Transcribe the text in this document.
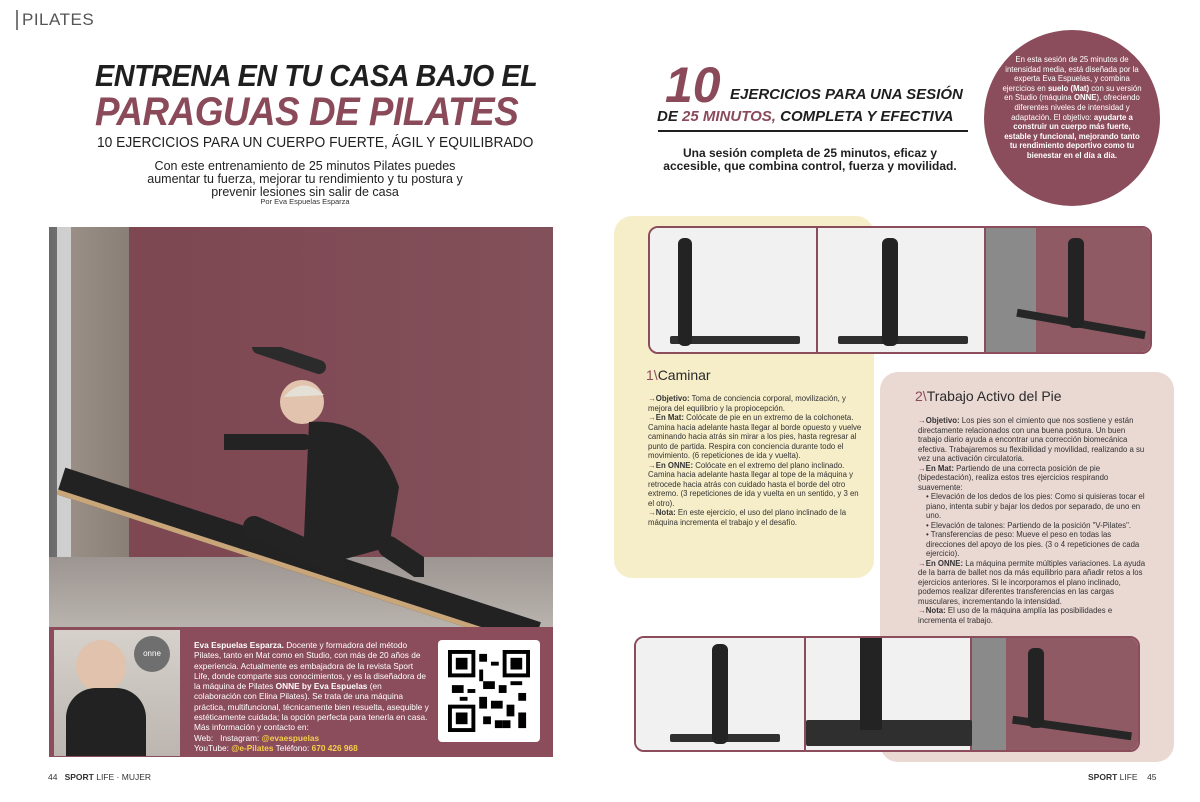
PILATES
ENTRENA EN TU CASA BAJO EL
PARAGUAS DE PILATES
10 EJERCICIOS PARA UN CUERPO FUERTE, ÁGIL Y EQUILIBRADO
Con este entrenamiento de 25 minutos Pilates puedes aumentar tu fuerza, mejorar tu rendimiento y tu postura y prevenir lesiones sin salir de casa
Por Eva Espuelas Esparza
onne
Eva Espuelas Esparza. Docente y formadora del método Pilates, tanto en Mat como en Studio, con más de 20 años de experiencia. Actualmente es embajadora de la revista Sport Life, donde comparte sus conocimientos, y es la diseñadora de la máquina de Pilates ONNE by Eva Espuelas (en colaboración con Elina Pilates). Se trata de una máquina práctica, multifuncional, técnicamente bien resuelta, asequible y estéticamente cuidada; la opción perfecta para tenerla en casa.
Más información y contacto en:
Web: Instagram: @evaespuelas
YouTube: @e-Pilates Teléfono: 670 426 968
44 SPORT LIFE · MUJER
10 EJERCICIOS PARA UNA SESIÓN
DE 25 MINUTOS, COMPLETA Y EFECTIVA
Una sesión completa de 25 minutos, eficaz y accesible, que combina control, fuerza y movilidad.
En esta sesión de 25 minutos de intensidad media, está diseñada por la experta Eva Espuelas, y combina ejercicios en suelo (Mat) con su versión en Studio (máquina ONNE), ofreciendo diferentes niveles de intensidad y adaptación. El objetivo: ayudarte a construir un cuerpo más fuerte, estable y funcional, mejorando tanto tu rendimiento deportivo como tu bienestar en el día a día.
1\Caminar

→Objetivo: Toma de conciencia corporal, movilización, y mejora del equilibrio y la propiocepción.

→En Mat: Colócate de pie en un extremo de la colchoneta. Camina hacia adelante hasta llegar al borde opuesto y vuelve caminando hacia atrás sin mirar a los pies, hasta regresar al punto de partida. Respira con conciencia durante todo el movimiento. (6 repeticiones de ida y vuelta).

→En ONNE: Colócate en el extremo del plano inclinado. Camina hacia adelante hasta llegar al tope de la máquina y retrocede hacia atrás con cuidado hasta el borde del otro extremo. (3 repeticiones de ida y vuelta en un sentido, y 3 en el otro).

→Nota: En este ejercicio, el uso del plano inclinado de la máquina incrementa el trabajo y el desafío.

2\Trabajo Activo del Pie

→Objetivo: Los pies son el cimiento que nos sostiene y están directamente relacionados con una buena postura. Un buen trabajo diario ayuda a encontrar una corrección biomecánica efectiva. Trabajaremos su flexibilidad y movilidad, realizando a su vez una activación circulatoria.

→En Mat: Partiendo de una correcta posición de pie (bipedestación), realiza estos tres ejercicios respirando suavemente:

• Elevación de los dedos de los pies: Como si quisieras tocar el piano, intenta subir y bajar los dedos por separado, de uno en uno.
• Elevación de talones: Partiendo de la posición "V-Pilates".
• Transferencias de peso: Mueve el peso en todas las direcciones del apoyo de los pies. (3 o 4 repeticiones de cada ejercicio).

→En ONNE: La máquina permite múltiples variaciones. La ayuda de la barra de ballet nos da más equilibrio para añadir retos a los ejercicios anteriores. Si le incorporamos el plano inclinado, podemos realizar diferentes transferencias en las cargas musculares, incrementando la intensidad.

→Nota: El uso de la máquina amplía las posibilidades e incrementa el trabajo.

SPORT LIFE 45
